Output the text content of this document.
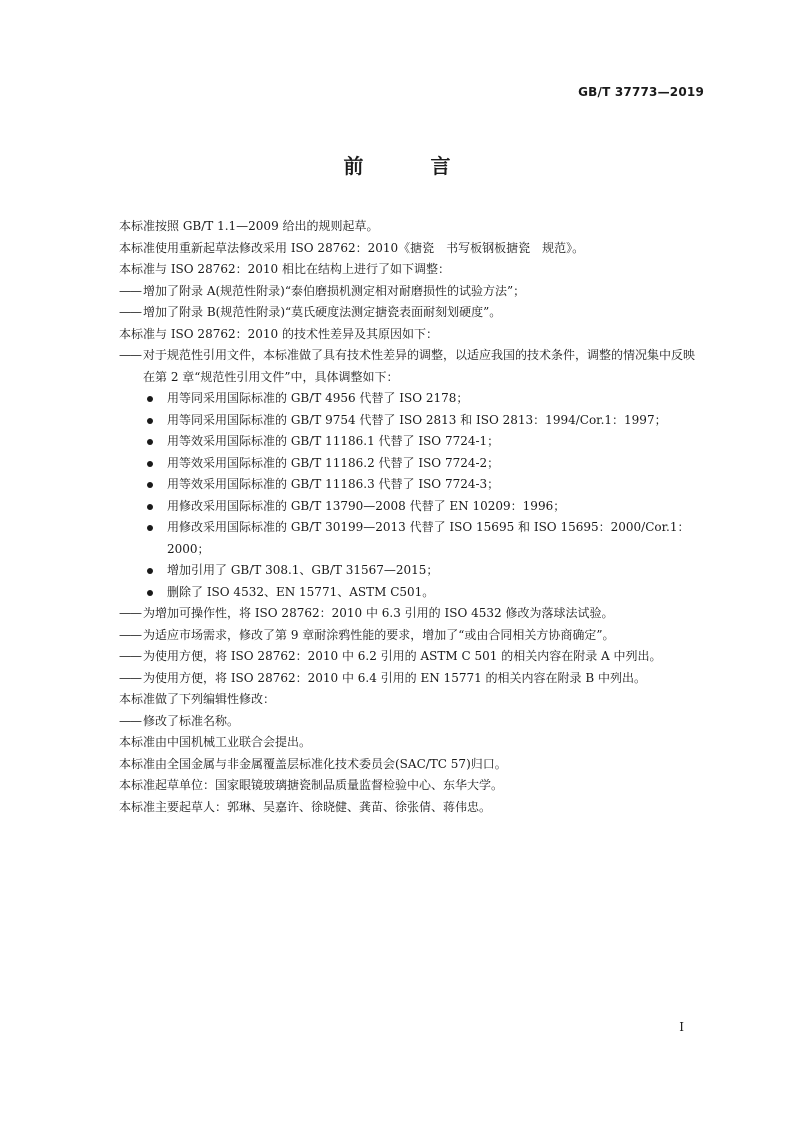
GB/T 37773—2019
前 言
本标准按照 GB/T 1.1—2009 给出的规则起草。
本标准使用重新起草法修改采用 ISO 28762：2010《搪瓷　书写板钢板搪瓷　规范》。
本标准与 ISO 28762：2010 相比在结构上进行了如下调整：
—— 增加了附录 A(规范性附录)“泰伯磨损机测定相对耐磨损性的试验方法”；
—— 增加了附录 B(规范性附录)“莫氏硬度法测定搪瓷表面耐刻划硬度”。
本标准与 ISO 28762：2010 的技术性差异及其原因如下：
—— 对于规范性引用文件，本标准做了具有技术性差异的调整，以适应我国的技术条件，调整的情况集中反映在第 2 章“规范性引用文件”中，具体调整如下：
用等同采用国际标准的 GB/T 4956 代替了 ISO 2178；
用等同采用国际标准的 GB/T 9754 代替了 ISO 2813 和 ISO 2813：1994/Cor.1：1997；
用等效采用国际标准的 GB/T 11186.1 代替了 ISO 7724-1；
用等效采用国际标准的 GB/T 11186.2 代替了 ISO 7724-2；
用等效采用国际标准的 GB/T 11186.3 代替了 ISO 7724-3；
用修改采用国际标准的 GB/T 13790—2008 代替了 EN 10209：1996；
用修改采用国际标准的 GB/T 30199—2013 代替了 ISO 15695 和 ISO 15695：2000/Cor.1：2000；
增加引用了 GB/T 308.1、GB/T 31567—2015；
删除了 ISO 4532、EN 15771、ASTM C501。
—— 为增加可操作性，将 ISO 28762：2010 中 6.3 引用的 ISO 4532 修改为落球法试验。
—— 为适应市场需求，修改了第 9 章耐涂鸦性能的要求，增加了“或由合同相关方协商确定”。
—— 为使用方便，将 ISO 28762：2010 中 6.2 引用的 ASTM C 501 的相关内容在附录 A 中列出。
—— 为使用方便，将 ISO 28762：2010 中 6.4 引用的 EN 15771 的相关内容在附录 B 中列出。
本标准做了下列编辑性修改：
—— 修改了标准名称。
本标准由中国机械工业联合会提出。
本标准由全国金属与非金属覆盖层标准化技术委员会(SAC/TC 57)归口。
本标准起草单位：国家眼镜玻璃搪瓷制品质量监督检验中心、东华大学。
本标准主要起草人：郭琳、吴嘉许、徐晓健、龚苗、徐张倩、蒋伟忠。
I
